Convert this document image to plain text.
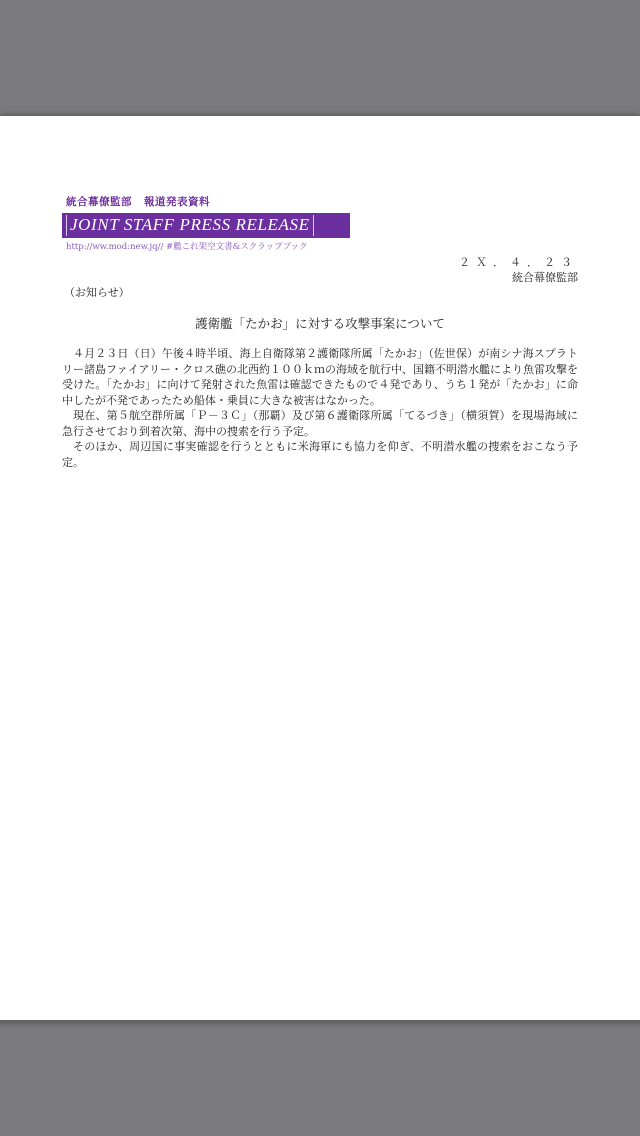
統合幕僚監部 報道発表資料
JOINT STAFF PRESS RELEASE
http://ww.mod:new.jq// #艦これ架空文書&スクラップブック
２Ｘ．４．２３
統合幕僚監部
（お知らせ）
護衛艦「たかお」に対する攻撃事案について

４月２３日（日）午後４時半頃、海上自衛隊第２護衛隊所属「たかお」（佐世保）が南シナ海スプラトリー諸島ファイアリー・クロス礁の北西約１００ｋｍの海域を航行中、国籍不明潜水艦により魚雷攻撃を受けた。「たかお」に向けて発射された魚雷は確認できたもので４発であり、うち１発が「たかお」に命中したが不発であったため船体・乗員に大きな被害はなかった。

現在、第５航空群所属「Ｐ－３Ｃ」（那覇）及び第６護衛隊所属「てるづき」（横須賀）を現場海域に急行させており到着次第、海中の捜索を行う予定。

そのほか、周辺国に事実確認を行うとともに米海軍にも協力を仰ぎ、不明潜水艦の捜索をおこなう予定。
